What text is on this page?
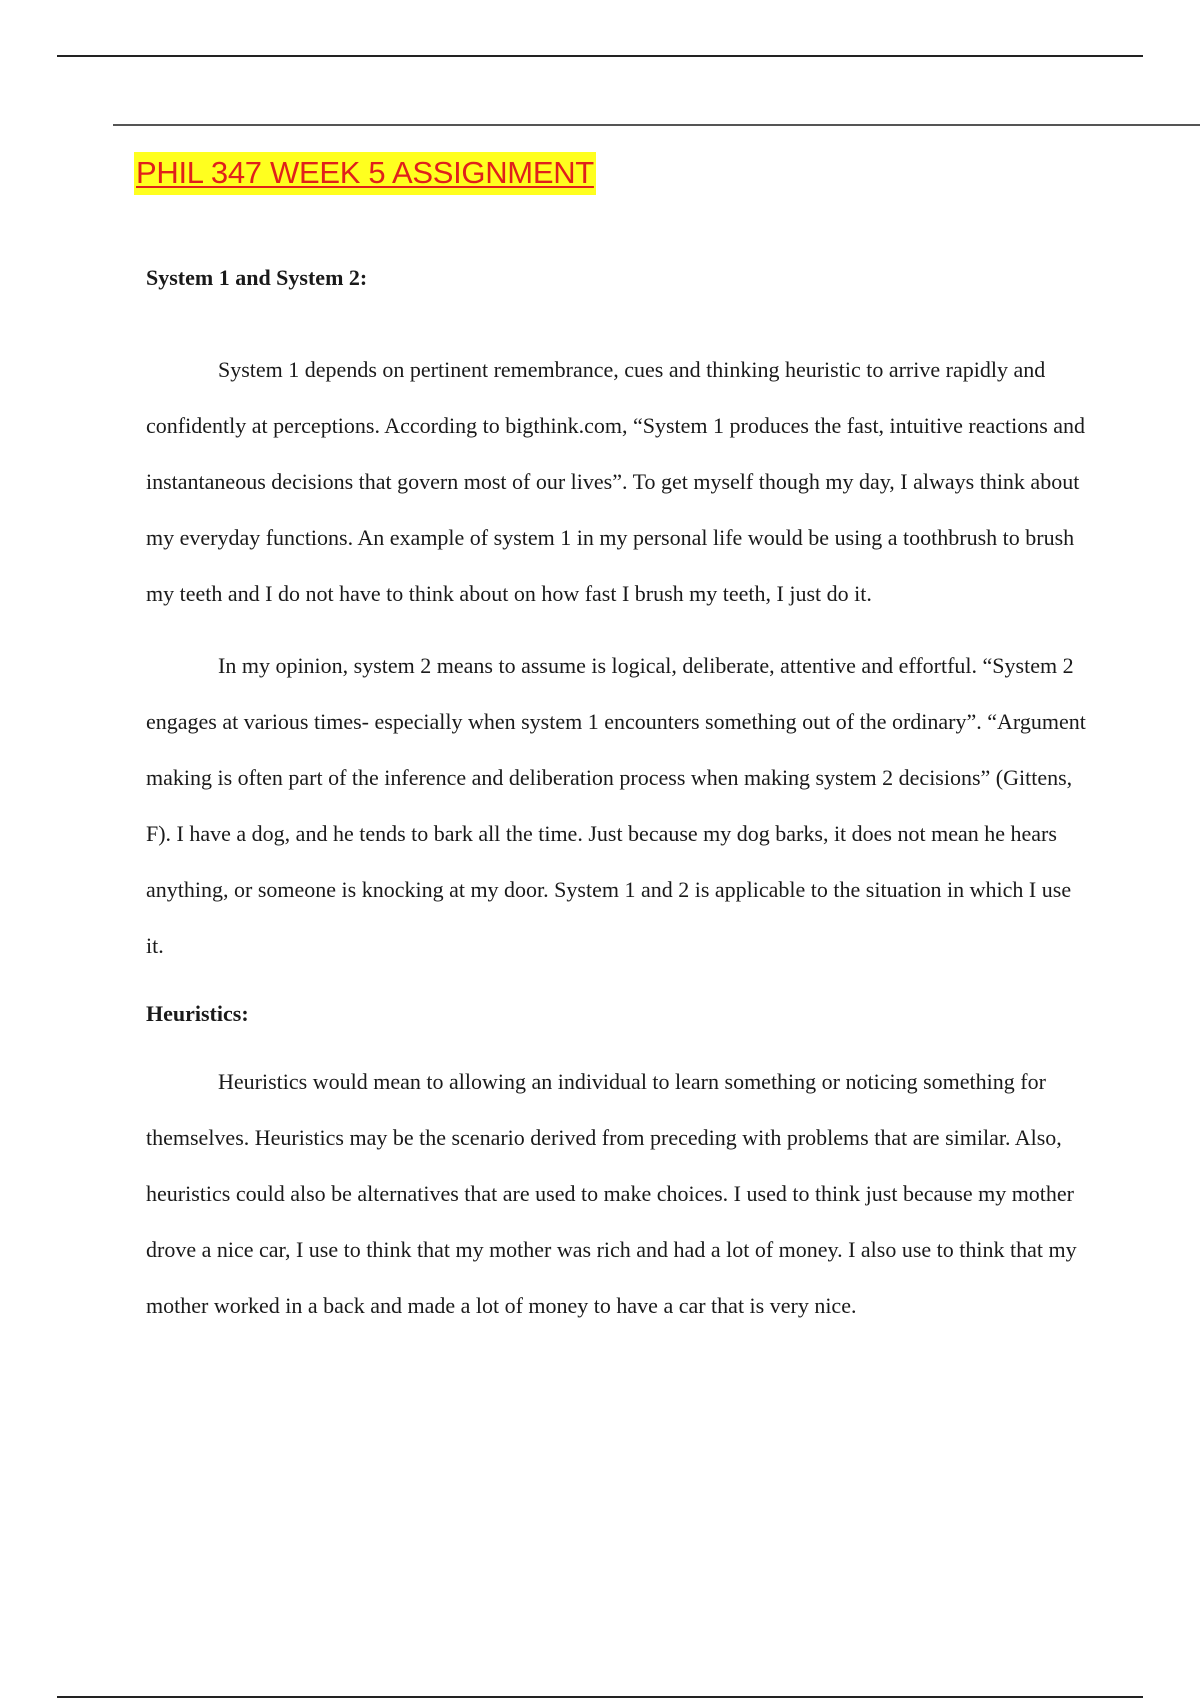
PHIL 347 WEEK 5 ASSIGNMENT

System 1 and System 2:

System 1 depends on pertinent remembrance, cues and thinking heuristic to arrive rapidly and confidently at perceptions. According to bigthink.com, “System 1 produces the fast, intuitive reactions and instantaneous decisions that govern most of our lives”. To get myself though my day, I always think about my everyday functions. An example of system 1 in my personal life would be using a toothbrush to brush my teeth and I do not have to think about on how fast I brush my teeth, I just do it.

In my opinion, system 2 means to assume is logical, deliberate, attentive and effortful. “System 2 engages at various times- especially when system 1 encounters something out of the ordinary”. “Argument making is often part of the inference and deliberation process when making system 2 decisions” (Gittens, F). I have a dog, and he tends to bark all the time. Just because my dog barks, it does not mean he hears anything, or someone is knocking at my door. System 1 and 2 is applicable to the situation in which I use it.

Heuristics:

Heuristics would mean to allowing an individual to learn something or noticing something for themselves. Heuristics may be the scenario derived from preceding with problems that are similar. Also, heuristics could also be alternatives that are used to make choices. I used to think just because my mother drove a nice car, I use to think that my mother was rich and had a lot of money. I also use to think that my mother worked in a back and made a lot of money to have a car that is very nice.
